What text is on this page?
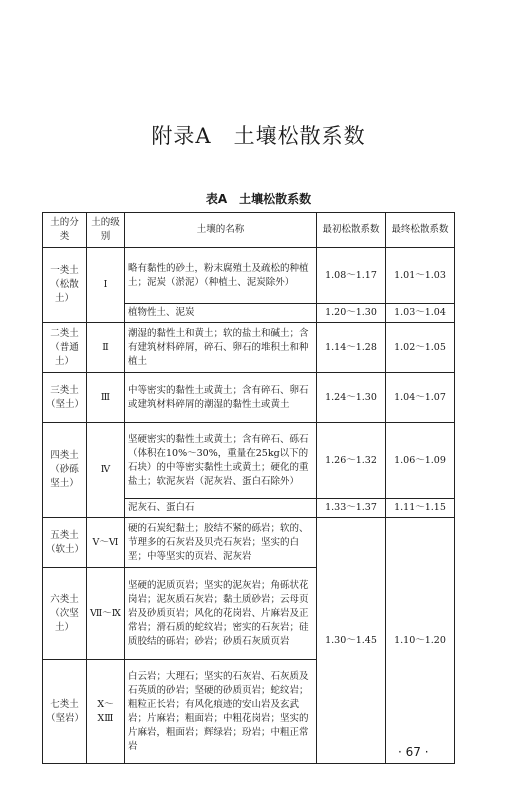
附录A　土壤松散系数
表A　土壤松散系数
土的分类	土的级别	土壤的名称	最初松散系数	最终松散系数
一类土（松散土）	Ⅰ	略有黏性的砂土，粉末腐殖土及疏松的种植土；泥炭（淤泥）（种植土、泥炭除外）	1.08～1.17	1.01～1.03
		植物性土、泥炭	1.20～1.30	1.03～1.04
二类土（普通土）	Ⅱ	潮湿的黏性土和黄土；软的盐土和碱土；含有建筑材料碎屑，碎石、卵石的堆积土和种植土	1.14～1.28	1.02～1.05
三类土（坚土）	Ⅲ	中等密实的黏性土或黄土；含有碎石、卵石或建筑材料碎屑的潮湿的黏性土或黄土	1.24～1.30	1.04～1.07
四类土（砂砾坚土）	Ⅳ	坚硬密实的黏性土或黄土；含有碎石、砾石（体积在10%～30%，重量在25kg以下的石块）的中等密实黏性土或黄土；硬化的重盐土；软泥灰岩（泥灰岩、蛋白石除外）	1.26～1.32	1.06～1.09
		泥灰石、蛋白石	1.33～1.37	1.11～1.15
五类土（软土）	Ⅴ～Ⅵ	硬的石炭纪黏土；胶结不紧的砾岩；软的、节理多的石灰岩及贝壳石灰岩；坚实的白垩；中等坚实的页岩、泥灰岩	1.30～1.45	1.10～1.20
六类土（次坚土）	Ⅶ～Ⅸ	坚硬的泥质页岩；坚实的泥灰岩；角砾状花岗岩；泥灰质石灰岩；黏土质砂岩；云母页岩及砂质页岩；风化的花岗岩、片麻岩及正常岩；滑石质的蛇纹岩；密实的石灰岩；硅质胶结的砾岩；砂岩；砂质石灰质页岩		
七类土（坚岩）	Ⅹ～ⅩⅢ	白云岩；大理石；坚实的石灰岩、石灰质及石英质的砂岩；坚硬的砂质页岩；蛇纹岩；粗粒正长岩；有风化痕迹的安山岩及玄武岩；片麻岩；粗面岩；中粗花岗岩；坚实的片麻岩，粗面岩；辉绿岩；玢岩；中粗正常岩			· 67 ·
